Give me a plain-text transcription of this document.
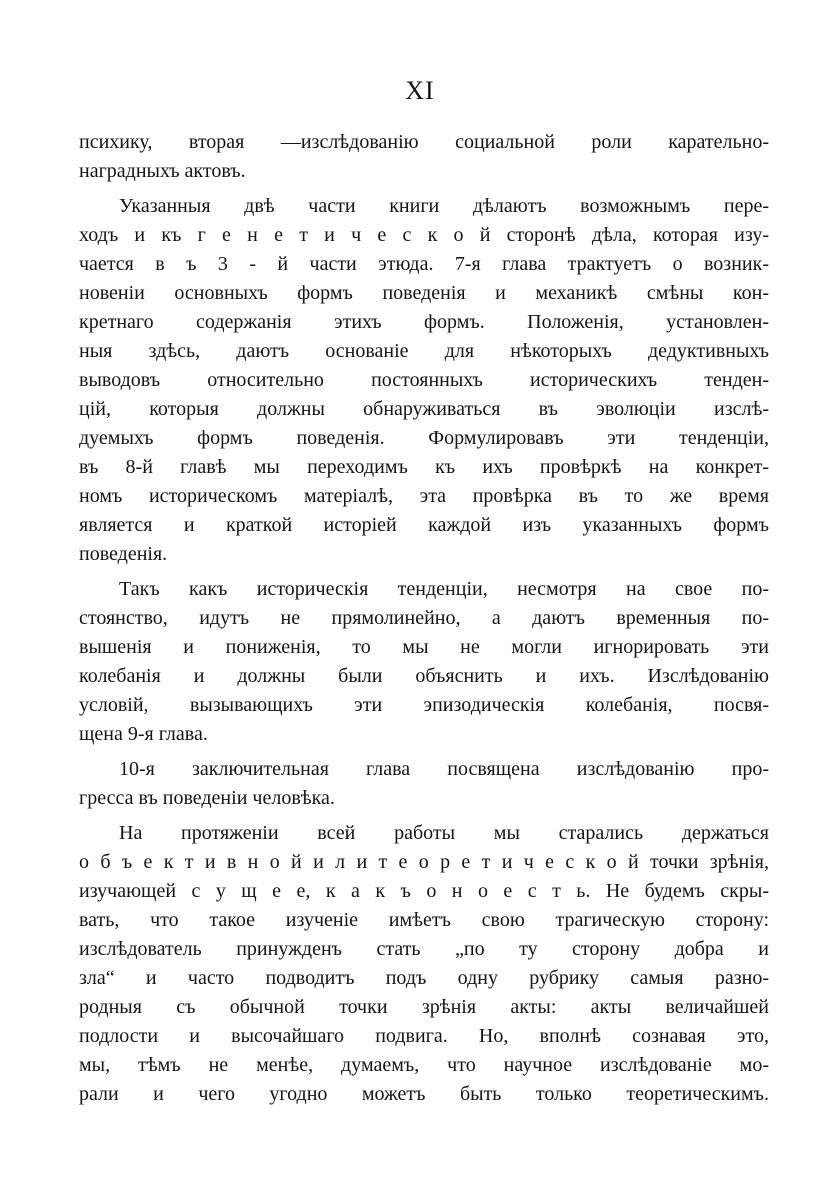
XI
психику, вторая —изслѣдованію социальной роли карательно-
наградныхъ актовъ.
Указанныя двѣ части книги дѣлаютъ возможнымъ пере-
ходъ и къ г е н е т и ч е с к о й сторонѣ дѣла, которая изу-
чается в ъ 3 - й части этюда. 7-я глава трактуетъ о возник-
новеніи основныхъ формъ поведенія и механикѣ смѣны кон-
кретнаго содержанія этихъ формъ. Положенія, установлен-
ныя здѣсь, даютъ основаніе для нѣкоторыхъ дедуктивныхъ
выводовъ относительно постоянныхъ историческихъ тенден-
цій, которыя должны обнаруживаться въ эволюціи изслѣ-
дуемыхъ формъ поведенія. Формулировавъ эти тенденціи,
въ 8-й главѣ мы переходимъ къ ихъ провѣркѣ на конкрет-
номъ историческомъ матеріалѣ, эта провѣрка въ то же время
является и краткой исторіей каждой изъ указанныхъ формъ
поведенія.
Такъ какъ историческія тенденціи, несмотря на свое по-
стоянство, идутъ не прямолинейно, а даютъ временныя по-
вышенія и пониженія, то мы не могли игнорировать эти
колебанія и должны были объяснить и ихъ. Изслѣдованію
условій, вызывающихъ эти эпизодическія колебанія, посвя-
щена 9-я глава.
10-я заключительная глава посвящена изслѣдованію про-
гресса въ поведеніи человѣка.
На протяженіи всей работы мы старались держаться
о б ъ е к т и в н о й и л и т е о р е т и ч е с к о й точки зрѣнія,
изучающей с у щ е е, к а к ъ о н о е с т ь. Не будемъ скры-
вать, что такое изученіе имѣетъ свою трагическую сторону:
изслѣдователь принужденъ стать „по ту сторону добра и
зла“ и часто подводитъ подъ одну рубрику самыя разно-
родныя съ обычной точки зрѣнія акты: акты величайшей
подлости и высочайшаго подвига. Но, вполнѣ сознавая это,
мы, тѣмъ не менѣе, думаемъ, что научное изслѣдованіе мо-
рали и чего угодно можетъ быть только теоретическимъ.
